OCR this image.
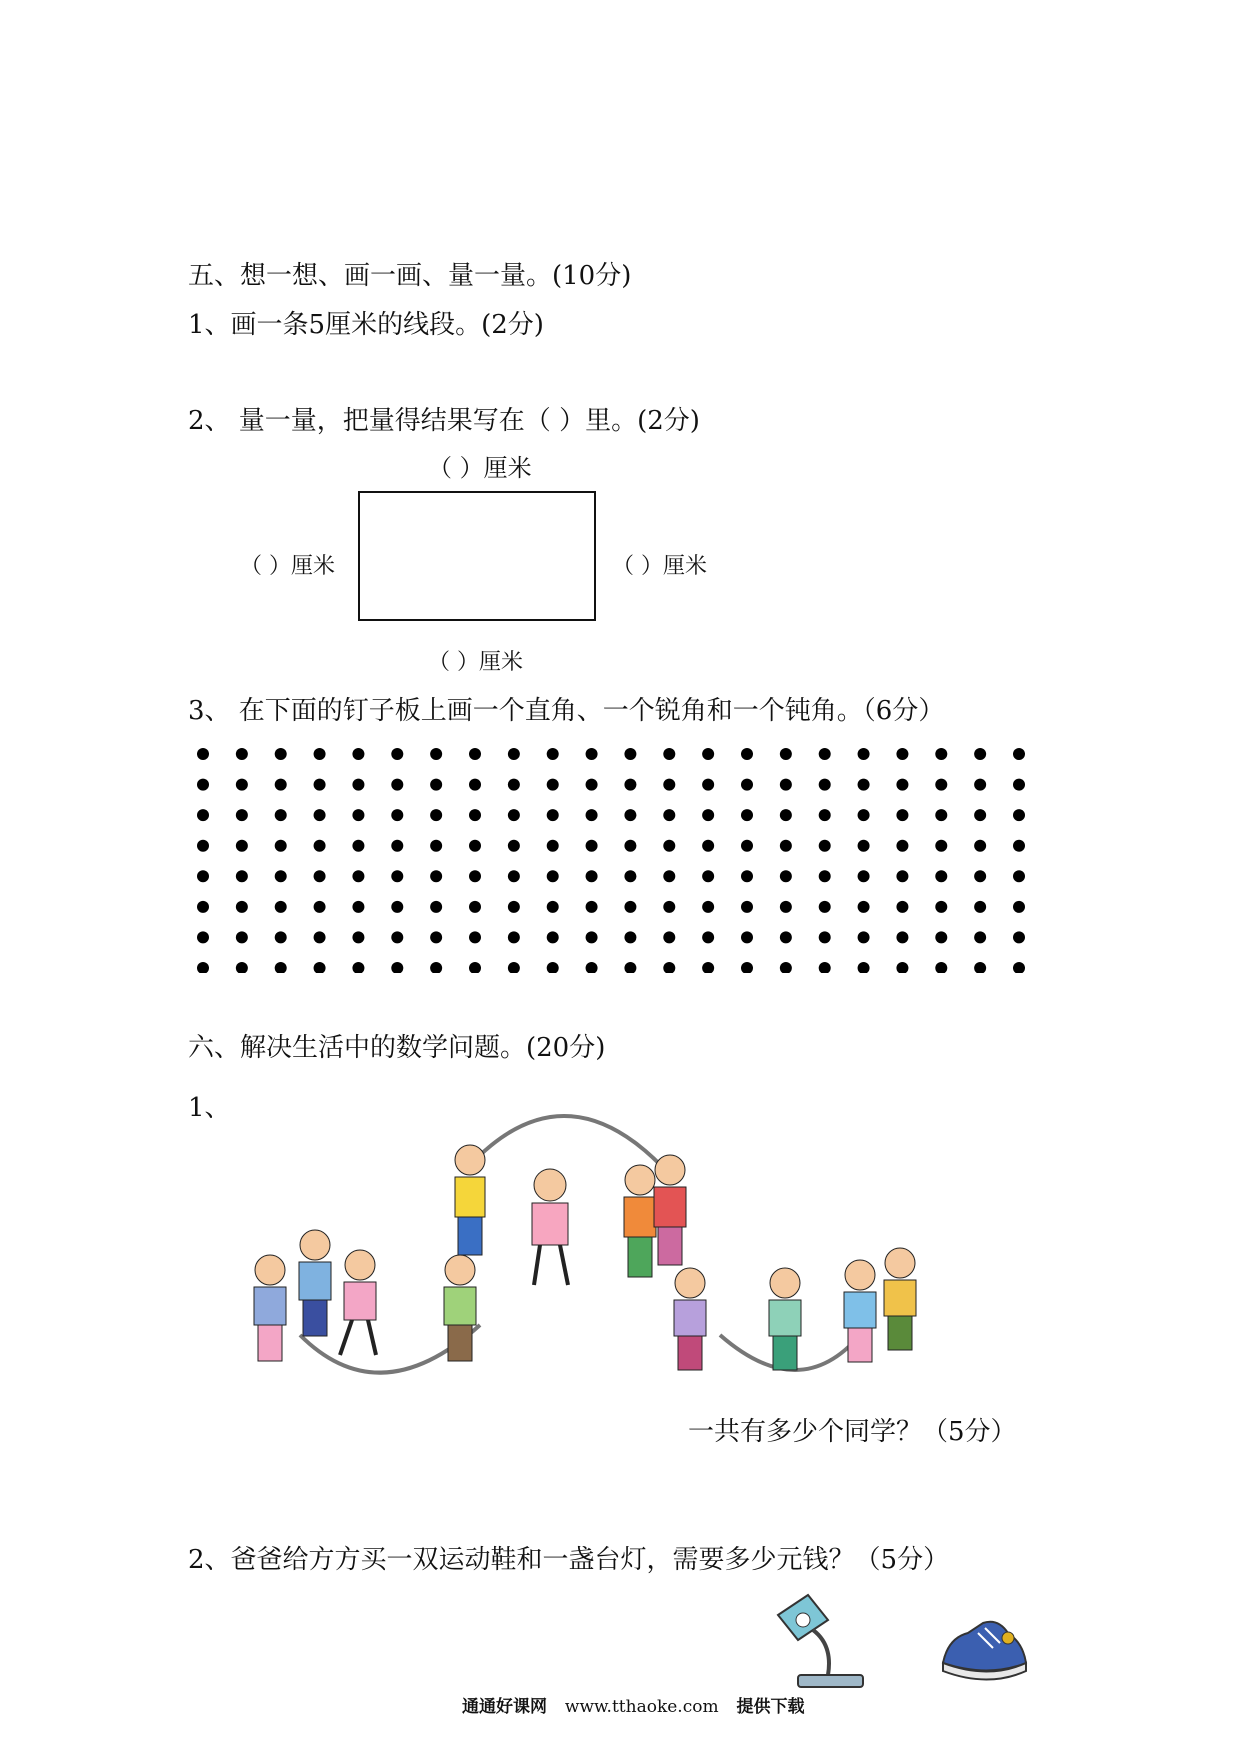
五、想一想、画一画、量一量。(10分)
1、画一条5厘米的线段。(2分)
2、 量一量，把量得结果写在（ ）里。(2分)
（ ）厘米
（ ）厘米	（ ）厘米
（ ）厘米
3、 在下面的钉子板上画一个直角、一个锐角和一个钝角。（6分）
六、解决生活中的数学问题。(20分)
1、
一共有多少个同学？（5分）
2、爸爸给方方买一双运动鞋和一盏台灯，需要多少元钱？（5分）
通通好课网 www.tthaoke.com 提供下载
